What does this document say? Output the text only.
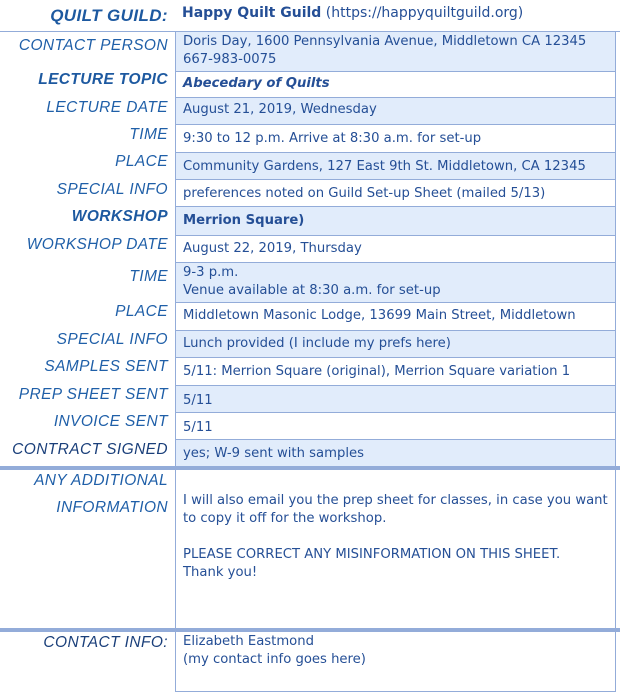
QUILT GUILD: Happy Quilt Guild (https://happyquiltguild.org)
CONTACT PERSON Doris Day, 1600 Pennsylvania Avenue, Middletown CA 12345
667-983-0075
LECTURE TOPIC	Abecedary of Quilts
LECTURE DATE	August 21, 2019, Wednesday
TIME	9:30 to 12 p.m. Arrive at 8:30 a.m. for set-up
PLACE	Community Gardens, 127 East 9th St. Middletown, CA 12345
SPECIAL INFO	preferences noted on Guild Set-up Sheet (mailed 5/13)
WORKSHOP	Merrion Square)
WORKSHOP DATE	August 22, 2019, Thursday
TIME 9-3 p.m.
Venue available at 8:30 a.m. for set-up
PLACE	Middletown Masonic Lodge, 13699 Main Street, Middletown
SPECIAL INFO	Lunch provided (I include my prefs here)
SAMPLES SENT	5/11: Merrion Square (original), Merrion Square variation 1
PREP SHEET SENT	5/11
INVOICE SENT	5/11
CONTRACT SIGNED	yes; W-9 sent with samples
ANY ADDITIONAL
INFORMATION I will also email you the prep sheet for classes, in case you want to copy it off for the workshop.

PLEASE CORRECT ANY MISINFORMATION ON THIS SHEET.

Thank you!

CONTACT INFO: Elizabeth Eastmond
(my contact info goes here)
